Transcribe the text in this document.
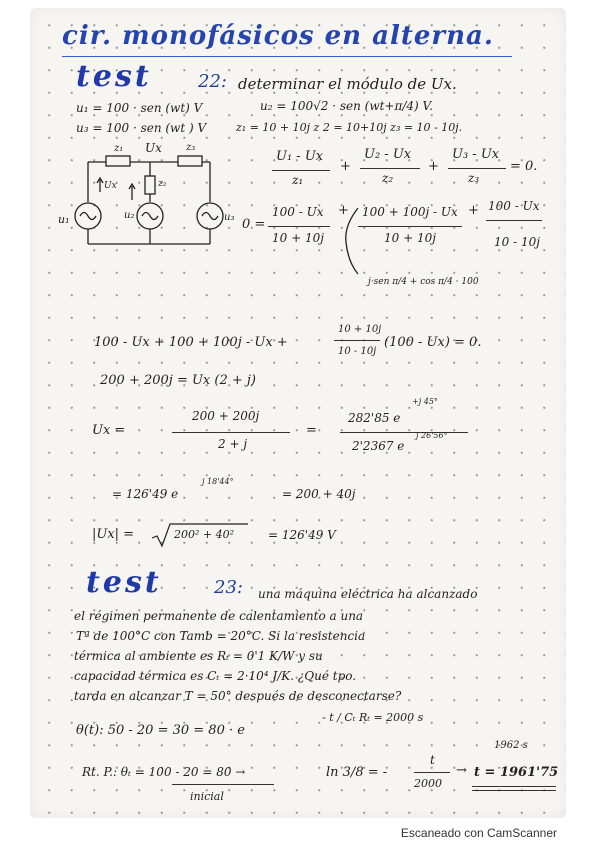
cir. monofásicos en alterna.
test	22: determinar el módulo de Ux.
u₁ = 100 · sen (wt) V	u₂ = 100√2 · sen (wt+π/4) V.
u₃ = 100 · sen (wt ) V	z₁ = 10 + 10j z 2 = 10+10j z₃ = 10 - 10j.
z₁ Ux z₃
Ux	z₂
u₁	u₂	u₃
U₁ - Ux
z₁
+
U₂ - Ux
z₂
+
U₃ - Ux
z₃
= 0.
0 =
100 - Ux
10 + 10j
+ 100 + 100j - Ux
10 + 10j
+ 100 - Ux
10 - 10j
j·sen π/4 + cos π/4 · 100
100 - Ux + 100 + 100j - Ux +
10 + 10j
10 - 10j
(100 - Ux) = 0.
200 + 200j = Ux (2 + j)
Ux =
200 + 200j
2 + j
=
282'85 e
+j 45°
2'2367 e
j 26'56°
= 126'49 e
j 18'44°
= 200 + 40j
|Ux| =	200² + 40²	= 126'49 V
test	23: una máquina eléctrica ha alcanzado
el régimen permanente de calentamiento a una
Tª de 100°C con Tamb = 20°C. Si la resistencia
térmica al ambiente es Rₜ = 0'1 K/W y su
capacidad térmica es Cₜ = 2·10⁴ J/K. ¿Qué tpo.
tarda en alcanzar T = 50° después de desconectarse?
θ(t): 50 - 20 = 30 = 80 · e
- t / Cₜ Rₜ = 2000 s
Rt. P.: θₜ = 100 - 20 = 80 →
inicial
ln 3/8 = -
t
2000
→ t = 1961'75
1962 s
Escaneado con CamScanner
